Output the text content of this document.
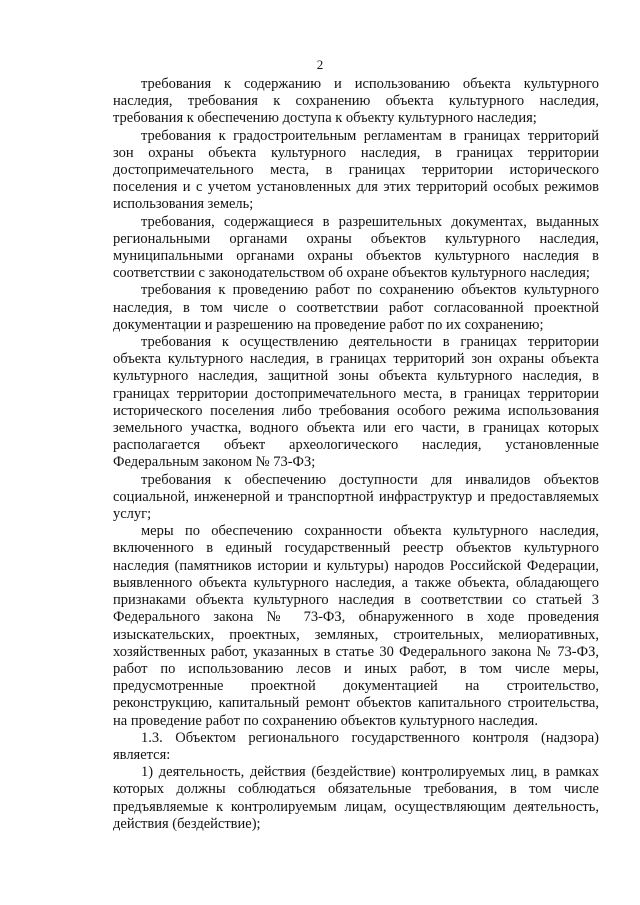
2

требования к содержанию и использованию объекта культурного наследия, требования к сохранению объекта культурного наследия, требования к обеспечению доступа к объекту культурного наследия;

требования к градостроительным регламентам в границах территорий зон охраны объекта культурного наследия, в границах территории достопримечательного места, в границах территории исторического поселения и с учетом установленных для этих территорий особых режимов использования земель;

требования, содержащиеся в разрешительных документах, выданных региональными органами охраны объектов культурного наследия, муниципальными органами охраны объектов культурного наследия в соответствии с законодательством об охране объектов культурного наследия;

требования к проведению работ по сохранению объектов культурного наследия, в том числе о соответствии работ согласованной проектной документации и разрешению на проведение работ по их сохранению;

требования к осуществлению деятельности в границах территории объекта культурного наследия, в границах территорий зон охраны объекта культурного наследия, защитной зоны объекта культурного наследия, в границах территории достопримечательного места, в границах территории исторического поселения либо требования особого режима использования земельного участка, водного объекта или его части, в границах которых располагается объект археологического наследия, установленные Федеральным законом № 73-ФЗ;

требования к обеспечению доступности для инвалидов объектов социальной, инженерной и транспортной инфраструктур и предоставляемых услуг;

меры по обеспечению сохранности объекта культурного наследия, включенного в единый государственный реестр объектов культурного наследия (памятников истории и культуры) народов Российской Федерации, выявленного объекта культурного наследия, а также объекта, обладающего признаками объекта культурного наследия в соответствии со статьей 3 Федерального закона № 73-ФЗ, обнаруженного в ходе проведения изыскательских, проектных, земляных, строительных, мелиоративных, хозяйственных работ, указанных в статье 30 Федерального закона № 73-ФЗ, работ по использованию лесов и иных работ, в том числе меры, предусмотренные проектной документацией на строительство, реконструкцию, капитальный ремонт объектов капитального строительства, на проведение работ по сохранению объектов культурного наследия.

1.3. Объектом регионального государственного контроля (надзора) является:

1) деятельность, действия (бездействие) контролируемых лиц, в рамках которых должны соблюдаться обязательные требования, в том числе предъявляемые к контролируемым лицам, осуществляющим деятельность, действия (бездействие);
